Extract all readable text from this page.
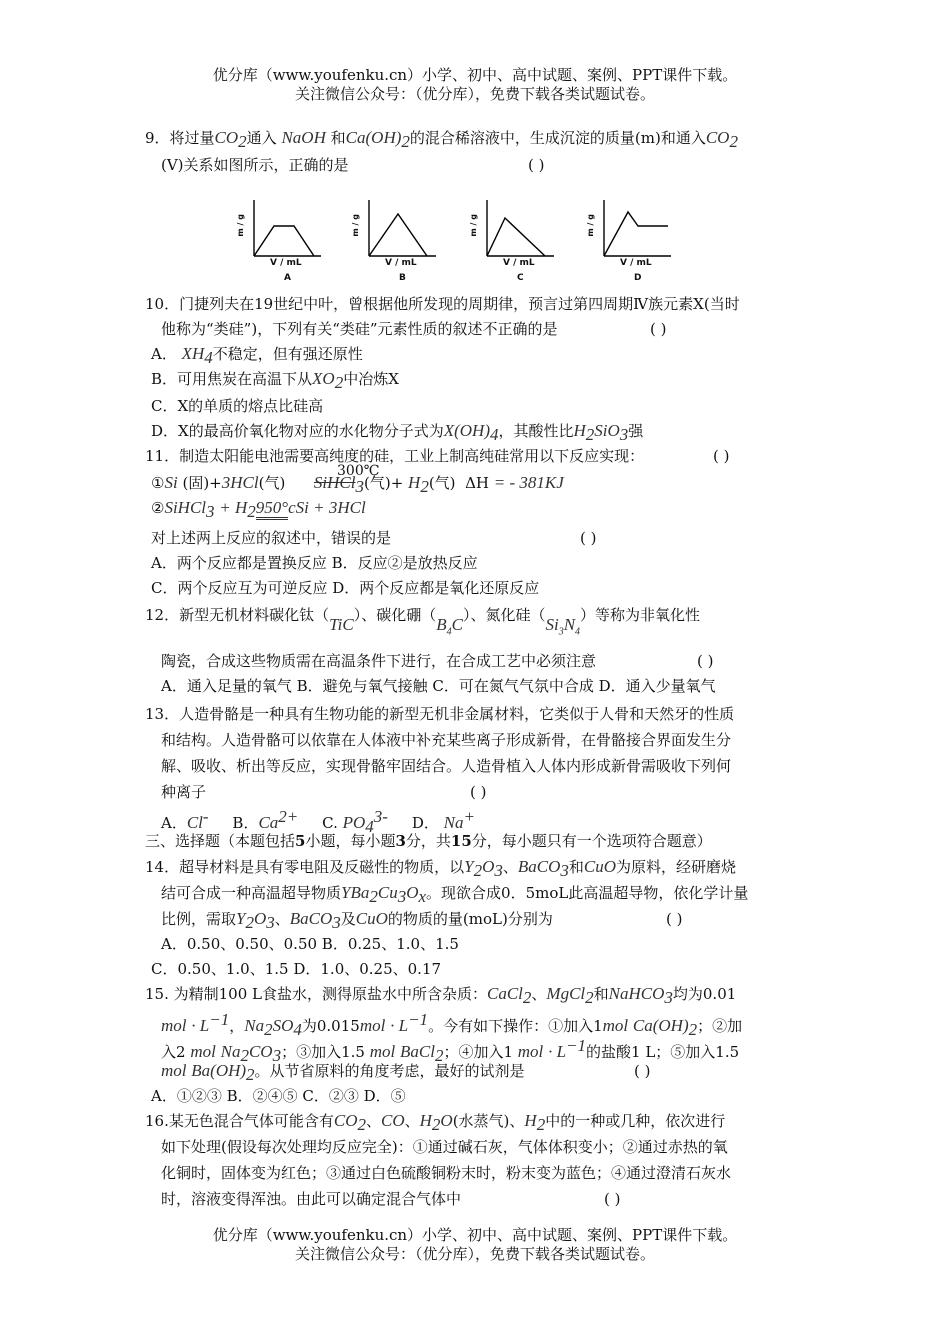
优分库（www.youfenku.cn）小学、初中、高中试题、案例、PPT课件下载。
关注微信公众号：（优分库），免费下载各类试题试卷。
9．将过量$CO_2$通入 NaOH 和$Ca(OH)_2$的混合稀溶液中，生成沉淀的质量(m)和通入$CO_2$
(V)关系如图所示，正确的是	( )
m / g
V / mL
A
m / g
V / mL
B
m / g
V / mL
C
m / g
V / mL
D
10．门捷列夫在19世纪中叶，曾根据他所发现的周期律，预言过第四周期Ⅳ族元素X(当时
他称为“类硅”)，下列有关“类硅”元素性质的叙述不正确的是	( )
A． $XH_4$不稳定，但有强还原性
B．可用焦炭在高温下从$XO_2$中冶炼X
C．X的单质的熔点比硅高
D．X的最高价氧化物对应的水化物分子式为$X(OH)_4$，其酸性比$H_2SiO_3$强
11．制造太阳能电池需要高纯度的硅，工业上制高纯硅常用以下反应实现：	( )
300℃
①Si (固)+3HCl(气) SiHCl$_3$(气)+ $H_2$(气) ΔH = - 381KJ
②SiHCl$_3$ + $H_2950^\circ cSi + 3HCl$
对上述两上反应的叙述中，错误的是	( )
A．两个反应都是置换反应 B．反应②是放热反应
C．两个反应互为可逆反应 D．两个反应都是氧化还原反应
12．新型无机材料碳化钛（TiC）、碳化硼$(B_4C)$、氮化硅$(Si_3N_4)$等称为非氧化性
陶瓷，合成这些物质需在高温条件下进行，在合成工艺中必须注意	( )
A．通入足量的氧气 B．避免与氧气接触 C．可在氮气气氛中合成 D．通入少量氧气
13．人造骨骼是一种具有生物功能的新型无机非金属材料，它类似于人骨和天然牙的性质
和结构。人造骨骼可以依靠在人体液中补充某些离子形成新骨，在骨骼接合界面发生分
解、吸收、析出等反应，实现骨骼牢固结合。人造骨植入人体内形成新骨需吸收下列何
种离子	( )
A．Cl- B．$Ca^{2+}$ C. $PO_4^{3-}$ D． Na+
三、选择题（本题包括5小题，每小题3分，共15分，每小题只有一个选项符合题意）
14．超导材料是具有零电阻及反磁性的物质，以$Y_2O_3$、BaCO$_3$和CuO为原料，经研磨烧
结可合成一种高温超导物质$YBa_2Cu_3O_x$。现欲合成0．5moL此高温超导物，依化学计量
比例，需取$Y_2O_3$、BaCO$_3$及CuO的物质的量(moL)分别为	( )
A．0.50、0.50、0.50 B．0.25、1.0、1.5
C．0.50、1.0、1.5 D．1.0、0.25、0.17
15. 为精制100 L食盐水，测得原盐水中所含杂质：CaCl$_2$、MgCl$_2$和NaHCO$_3$均为0.01
mol · $L^{-1}$，$Na_2SO_4$为$0.015mol \cdot L^{-1}$。今有如下操作：①加入1mol $Ca(OH)_2$；②加
入2 mol $Na_2CO_3$；③加入1.5 mol BaCl$_2$；④加入1 mol · $L^{-1}$的盐酸1 L；⑤加入1.5
mol $Ba(OH)_2$。从节省原料的角度考虑，最好的试剂是	( )
A．①②③ B．②④⑤ C．②③ D．⑤
16.某无色混合气体可能含有$CO_2$、CO、$H_2O$(水蒸气)、$H_2$中的一种或几种，依次进行
如下处理(假设每次处理均反应完全)：①通过碱石灰，气体体积变小；②通过赤热的氧
化铜时，固体变为红色；③通过白色硫酸铜粉末时，粉末变为蓝色；④通过澄清石灰水
时，溶液变得浑浊。由此可以确定混合气体中	( )
优分库（www.youfenku.cn）小学、初中、高中试题、案例、PPT课件下载。
关注微信公众号：（优分库），免费下载各类试题试卷。
